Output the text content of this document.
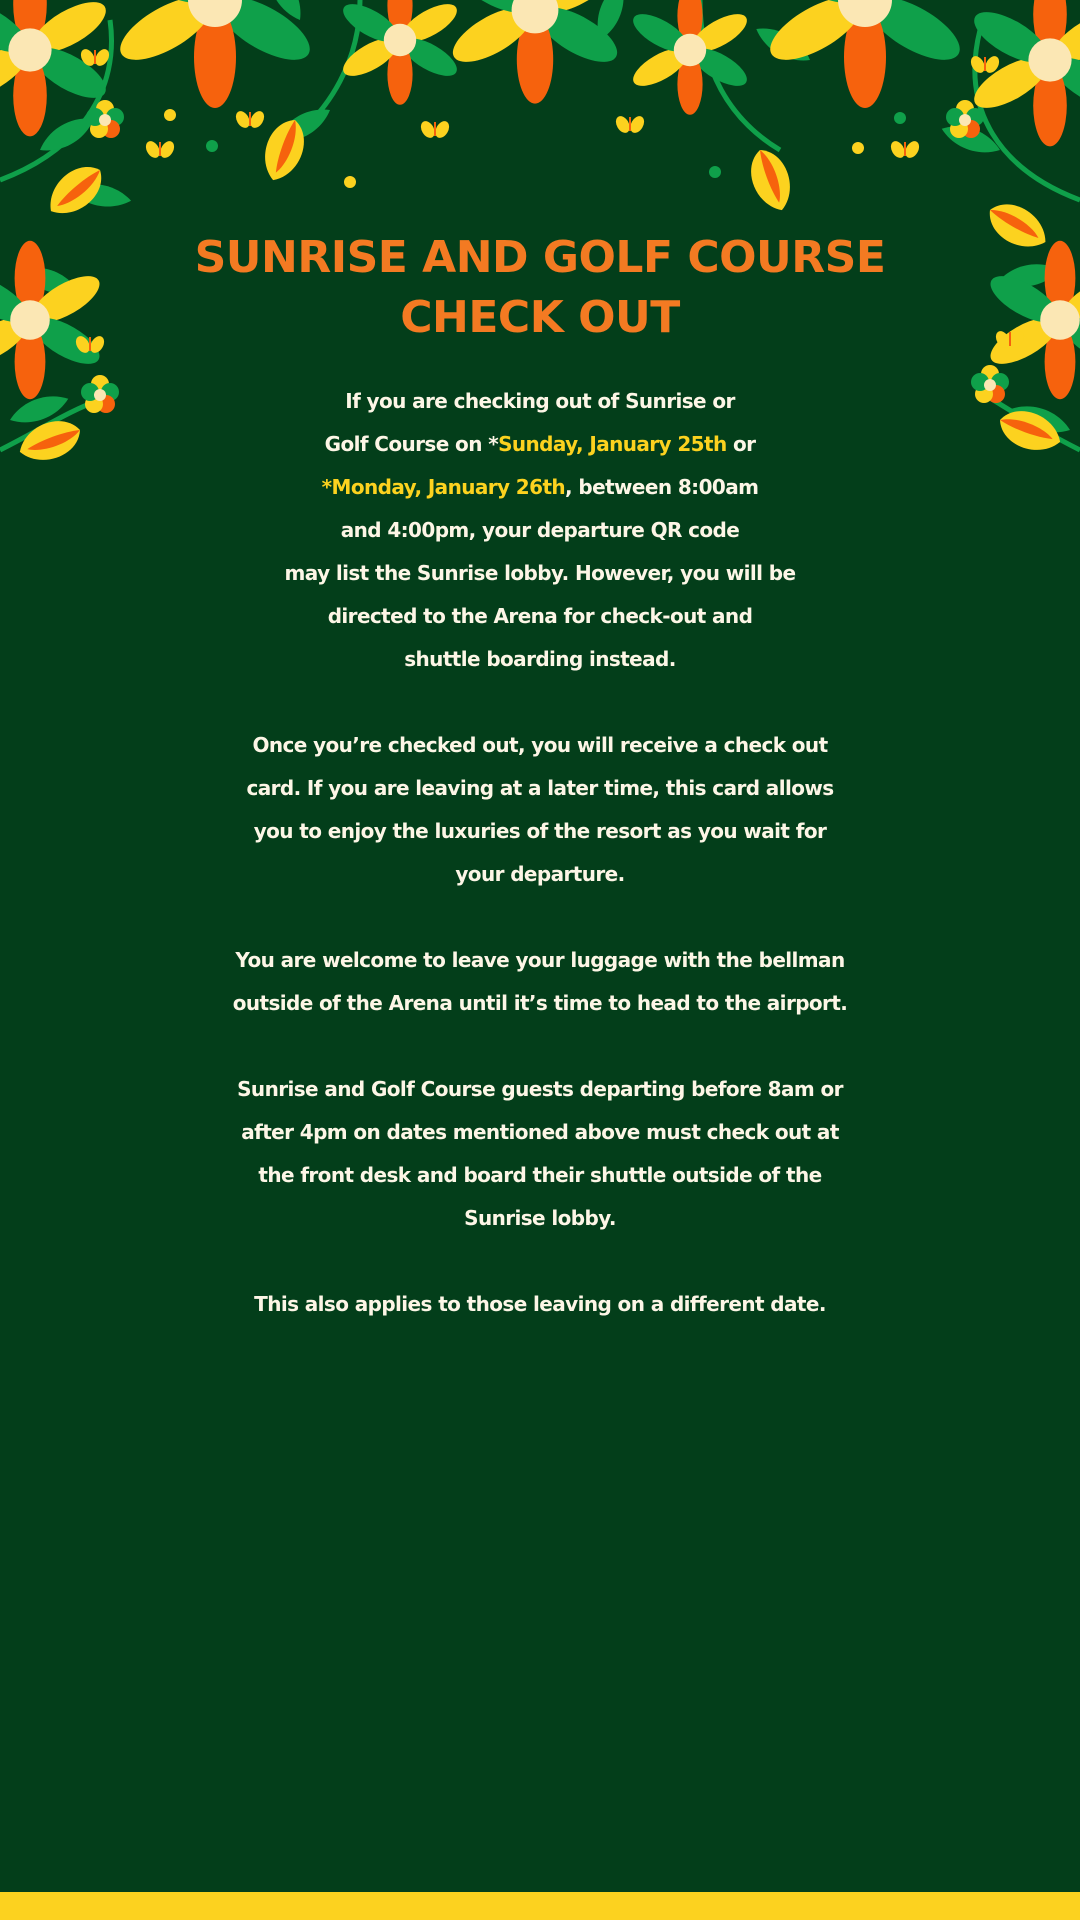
SUNRISE AND GOLF COURSE
CHECK OUT
If you are checking out of Sunrise or
Golf Course on *Sunday, January 25th or
*Monday, January 26th, between 8:00am
and 4:00pm, your departure QR code
may list the Sunrise lobby. However, you will be
directed to the Arena for check-out and
shuttle boarding instead.
Once you’re checked out, you will receive a check out
card. If you are leaving at a later time, this card allows
you to enjoy the luxuries of the resort as you wait for
your departure.
You are welcome to leave your luggage with the bellman
outside of the Arena until it’s time to head to the airport.
Sunrise and Golf Course guests departing before 8am or
after 4pm on dates mentioned above must check out at
the front desk and board their shuttle outside of the
Sunrise lobby.
This also applies to those leaving on a different date.
